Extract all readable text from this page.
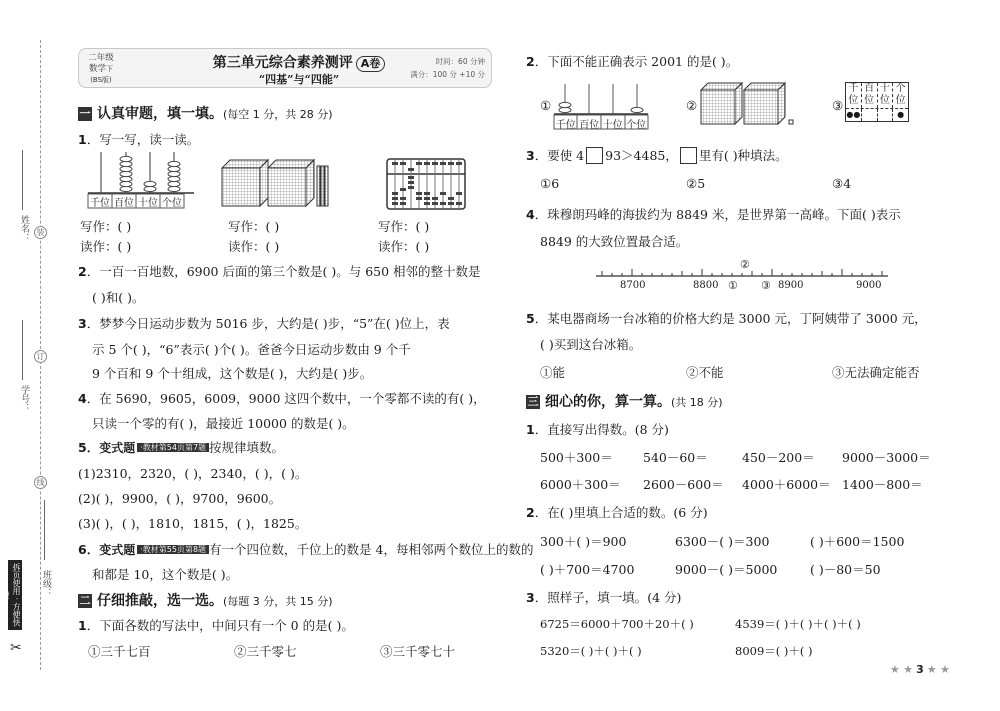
姓名： 装
订
学号：
线
班级：
拆页使用 · 方便快捷
✂
二年级
数学下
(BS版)
第三单元综合素养测评 A卷
“四基”与“四能”
时间：60 分钟
满分：100 分 +10 分
一 认真审题，填一填。(每空 1 分，共 28 分)
1．写一写，读一读。
千位 百位 十位 个位
写作：( )	写作：( )	写作：( )
读作：( )	读作：( )	读作：( )
2．一百一百地数，6900 后面的第三个数是( )。与 650 相邻的整十数是
( )和( )。
3．梦梦今日运动步数为 5016 步，大约是( )步，“5”在( )位上，表
示 5 个( )，“6”表示( )个( )。爸爸今日运动步数由 9 个千
9 个百和 9 个十组成，这个数是( )，大约是( )步。
4．在 5690，9605，6009，9000 这四个数中，一个零都不读的有( )，
只读一个零的有( )，最接近 10000 的数是( )。
5．变式题 ·教材第54页第7题 按规律填数。
(1)2310，2320，( )，2340，( )，( )。
(2)( )，9900，( )，9700，9600。
(3)( )，( )，1810，1815，( )，1825。
6．变式题 ·教材第55页第8题 有一个四位数，千位上的数是 4，每相邻两个数位上的数的
和都是 10，这个数是( )。
二 仔细推敲，选一选。(每题 3 分，共 15 分)
1．下面各数的写法中，中间只有一个 0 的是( )。
①三千七百	②三千零七	③三千零七十
2．下面不能正确表示 2001 的是( )。
①
千位 百位 十位 个位
②	③
千位
百位
十位
个位
●●	●
3．要使 4 93＞4485， 里有( )种填法。
①6	②5	③4
4．珠穆朗玛峰的海拔约为 8849 米，是世界第一高峰。下面( )表示
8849 的大致位置最合适。
8700	8800	8900	9000
①
②
③
5．某电器商场一台冰箱的价格大约是 3000 元，丁阿姨带了 3000 元，
( )买到这台冰箱。
①能	②不能	③无法确定能否
三 细心的你，算一算。(共 18 分)
1．直接写出得数。(8 分)
500＋300＝ 540－60＝	450－200＝ 9000－3000＝
6000＋300＝ 2600－600＝ 4000＋6000＝ 1400－800＝
2．在( )里填上合适的数。(6 分)
300＋( )＝900	6300－( )＝300	( )＋600＝1500
( )＋700＝4700	9000－( )＝5000	( )－80＝50
3．照样子，填一填。(4 分)
6725＝6000＋700＋20＋( )	4539＝( )＋( )＋( )＋( )
5320＝( )＋( )＋( )	8009＝( )＋( )
★ ★ 3 ★ ★
